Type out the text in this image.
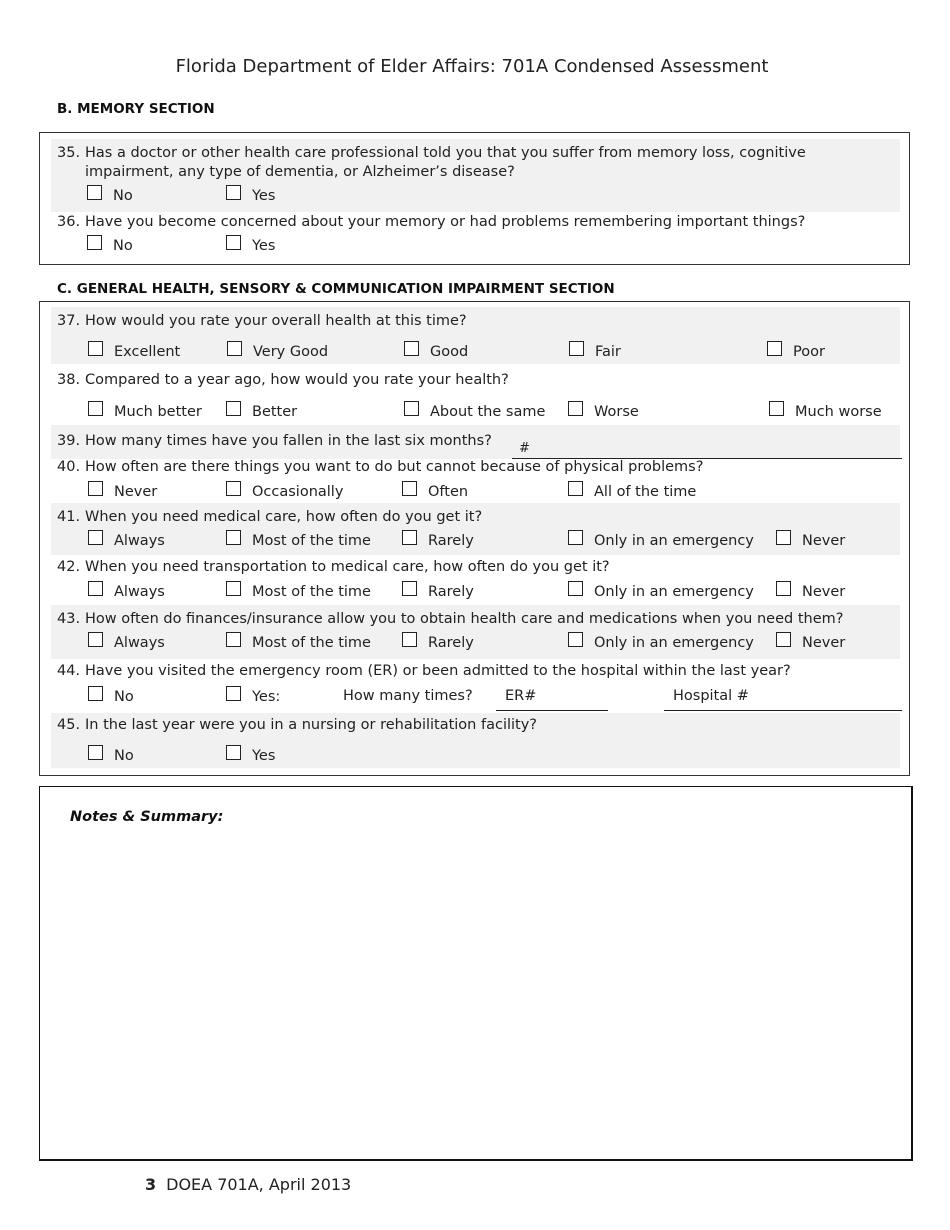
Florida Department of Elder Affairs: 701A Condensed Assessment
B. MEMORY SECTION
35. Has a doctor or other health care professional told you that you suffer from memory loss, cognitive
impairment, any type of dementia, or Alzheimer’s disease?
No	Yes
36. Have you become concerned about your memory or had problems remembering important things?
No	Yes
C. GENERAL HEALTH, SENSORY & COMMUNICATION IMPAIRMENT SECTION
37. How would you rate your overall health at this time?
Excellent	Very Good	Good	Fair	Poor
38. Compared to a year ago, how would you rate your health?
Much better	Better	About the same	Worse	Much worse
39. How many times have you fallen in the last six months? #
40. How often are there things you want to do but cannot because of physical problems?
Never	Occasionally	Often	All of the time
41. When you need medical care, how often do you get it?
Always	Most of the time	Rarely	Only in an emergency	Never
42. When you need transportation to medical care, how often do you get it?
Always	Most of the time	Rarely	Only in an emergency	Never
43. How often do finances/insurance allow you to obtain health care and medications when you need them?
Always	Most of the time	Rarely	Only in an emergency	Never
44. Have you visited the emergency room (ER) or been admitted to the hospital within the last year?
No	Yes:	How many times? ER#	Hospital #
45. In the last year were you in a nursing or rehabilitation facility?
No	Yes
Notes & Summary:
3 DOEA 701A, April 2013
